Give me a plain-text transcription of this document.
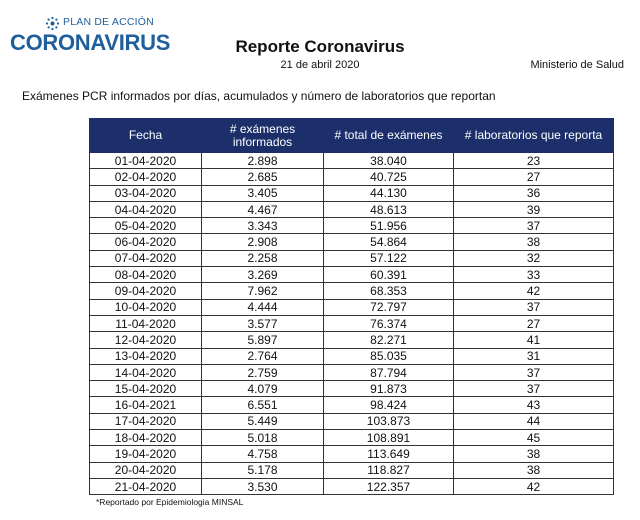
PLAN DE ACCIÓN
CORONAVIRUS	Reporte Coronavirus
21 de abril 2020	Ministerio de Salud
Exámenes PCR informados por días, acumulados y número de laboratorios que reportan
Fecha	# exámenes informados	# total de exámenes	# laboratorios que reporta
01-04-2020	2.898	38.040	23
02-04-2020	2.685	40.725	27
03-04-2020	3.405	44.130	36
04-04-2020	4.467	48.613	39
05-04-2020	3.343	51.956	37
06-04-2020	2.908	54.864	38
07-04-2020	2.258	57.122	32
08-04-2020	3.269	60.391	33
09-04-2020	7.962	68.353	42
10-04-2020	4.444	72.797	37
11-04-2020	3.577	76.374	27
12-04-2020	5.897	82.271	41
13-04-2020	2.764	85.035	31
14-04-2020	2.759	87.794	37
15-04-2020	4.079	91.873	37
16-04-2021	6.551	98.424	43
17-04-2020	5.449	103.873	44
18-04-2020	5.018	108.891	45
19-04-2020	4.758	113.649	38
20-04-2020	5.178	118.827	38
21-04-2020	3.530	122.357	42
*Reportado por Epidemiologia MINSAL
